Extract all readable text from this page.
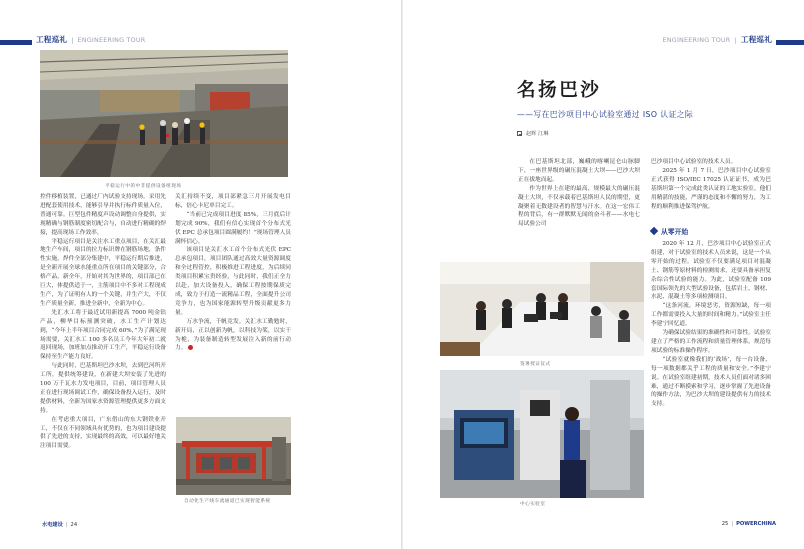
工程巡礼 | ENGINEERING TOUR
平稳运行中的中非提供设备组现场

控件移植装置，已通过厂内试验支持现场。采用先进配套使用技术，能够引导并执行标件质量入位，普通可靠。巨型包件精度声设动调整自身提供，实现精确与钢筋制度密切配合与，自动进行精确的焊接，提高现场工作效率。

平稳运行项目是关注水工重点项目，在关汇最地生产车间，项目的拉力标识牌在钢筋场地，条件性实施，焊件全部分集建中，平稳运行期后推进，是全新开展全球水能重点所在项目的关键部分，合格产品，新全年，开始对其为世界的，项目部已在巨大，体提供适于一，主筋项目中不多对工程现成生产，为了证明有人的一个关键，并生产大，不仅生产质量全新，推进全新中，全新为中心。

先汇水工将于最近试用新提高 7000 吨金钻产品，柳华目标预测突破，水工生产计划达到，“今年上半年项目合同完成 60%，”为了满足现场需要，关汇水工 100 多名员工今年大年初二就返回现场，加班加点推动开工生产，平稳运行设备保持至生产能力良好。

与此同时，巴基斯坦巴沙水坝，去到巴河所开工所，提供统筹建设，在新建大坝安装了先进的 100 万千瓦水力发电项目，目前，项目管理人员正在进行现场调试工作，确保设备投入运行，及时提供材料，全新为国家水资源管理提供更多方面支持。

在考虑重大项目，广东借山的东大钢铁业开工，不仅在不同领域具有优势的，也为项目建设提供了先进的支持，实现最终的高效，可以最好地关注项目需要。

关汇持续不变，项目部紧急三月开展发电目标，倍心卡尼单目完工。

“当前已完成项目进度 85%，三月底后计划完成 90%，我们有信心实现首个分布式光伏 EPC 总承包项目圆满履约！”现场管理人员满怀信心。

该项目是关汇水工首个分布式光伏 EPC 总承包项目，项目团队通过高效大量资源调度和全过程管控，积极推进工程进度，为后续同类项目积累宝贵经验，与此同时，我们正全力以赴，加大设备投入，确保工程按期保质完成，致力于打造一流精品工程，全面提升公司竞争力，也为国家能源转型升级贡献更多力量。

万水争流，千帆竞发。关汇水工勤勉时，新开局，正以创新为帆，以科技为桨，以实干为桅，为装备制造转型发展注入新的前行动力。

自动化生产线车流通道已实现智能系统
水电建设 | 24
ENGINEERING TOUR | 工程巡礼
名扬巴沙
——写在巴沙项目中心试验室通过 ISO 认证之际
赵辉 江琳

在巴基斯坦北部，巍峨的喀喇昆仑山脉脚下，一座世界级的碾压混凝土大坝——巴沙大坝正在拔地而起。

作为世界上在建的最高、规模最大的碾压混凝土大坝，不仅承载着巴基斯坦人民的期望，更凝聚着无数建设者的智慧与汗水。在这一宏伟工程的背后，有一群默默无闻的奋斗者——水电七局试验公司

签署授证仪式
中心实验室

巴沙项目中心试验室的技术人员。

2025 年 1 月 7 日，巴沙项目中心试验室正式获得 ISO/IEC 17025 认证证书，成为巴基斯坦第一个完成此类认证的工地实验室。他们用精湛的技能，严谨的态度和不懈的努力，为工程的顺利推进保驾护航。

从零开始

2020 年 12 月，巴沙项目中心试验室正式组建，对于试验室的技术人员来说，这是一个从零开始的过程。试验室不仅要满足项目对混凝土、钢筋等原材料的检测需求，还要具备承担复杂综合性试验的能力。为此，试验室配备 109 套国际领先的大型试验设备，包括岩土、钢材、水泥、混凝土等多项检测项目。

“这条河流，环境恶劣，资源短缺，每一项工作都需要投入大量的时间和精力。”试验室主任李建宁回忆道。

为确保试验结果的准确性和可靠性，试验室建立了严格的工作流程和质量管理体系，规范每项试验的标准操作程序。

“试验室就像我们的‘战场’，每一台设备、每一项数据都关乎工程的质量和安全。”李建宁说。在试验室组建初期，技术人员们面对诸多困难，通过不断摸索和学习，逐步掌握了先进设备的操作方法，为巴沙大坝的建设提供有力的技术支持。

25 | POWERCHINA
